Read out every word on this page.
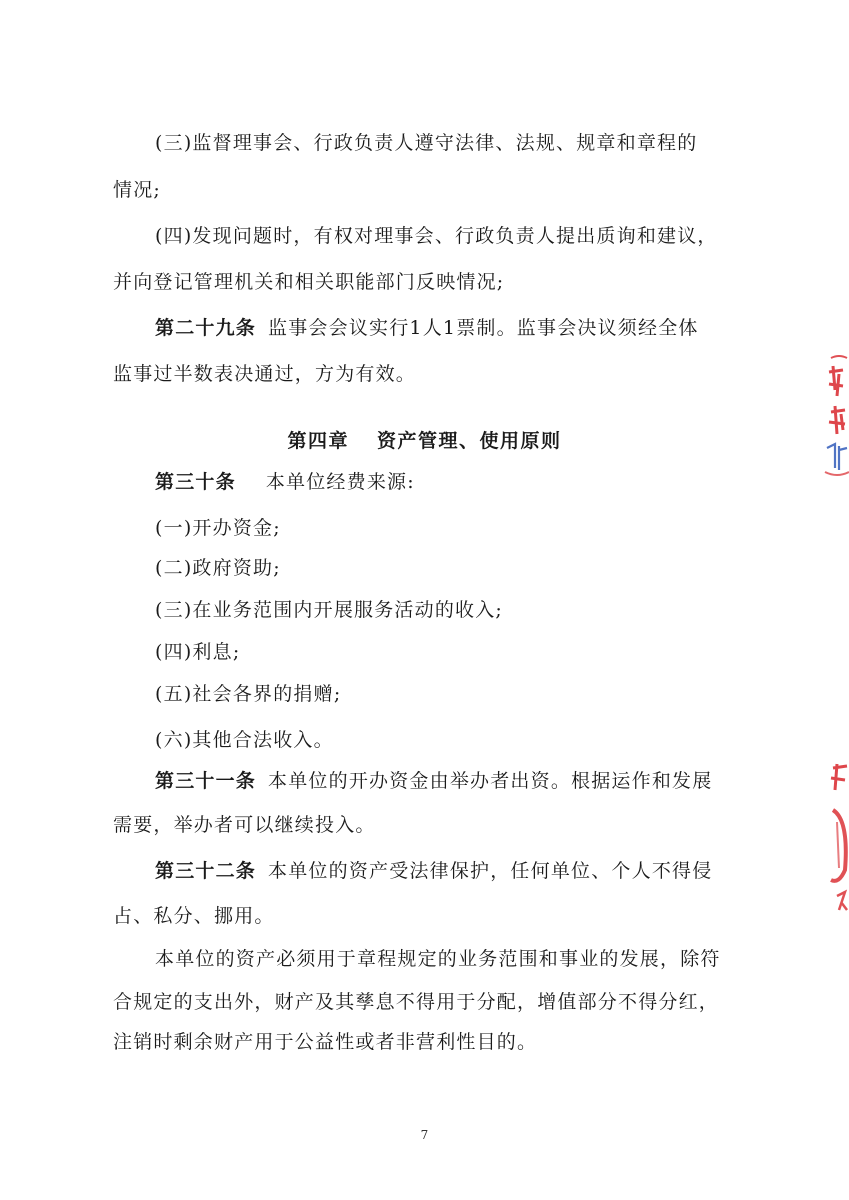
(三)监督理事会、行政负责人遵守法律、法规、规章和章程的
情况;
(四)发现问题时，有权对理事会、行政负责人提出质询和建议，
并向登记管理机关和相关职能部门反映情况;
第二十九条 监事会会议实行1人1票制。监事会决议须经全体
监事过半数表决通过，方为有效。
第四章 资产管理、使用原则
第三十条 本单位经费来源:
(一)开办资金;
(二)政府资助;
(三)在业务范围内开展服务活动的收入;
(四)利息;
(五)社会各界的捐赠;
(六)其他合法收入。
第三十一条 本单位的开办资金由举办者出资。根据运作和发展
需要，举办者可以继续投入。
第三十二条 本单位的资产受法律保护，任何单位、个人不得侵
占、私分、挪用。
本单位的资产必须用于章程规定的业务范围和事业的发展，除符
合规定的支出外，财产及其孳息不得用于分配，增值部分不得分红，
注销时剩余财产用于公益性或者非营利性目的。
7
